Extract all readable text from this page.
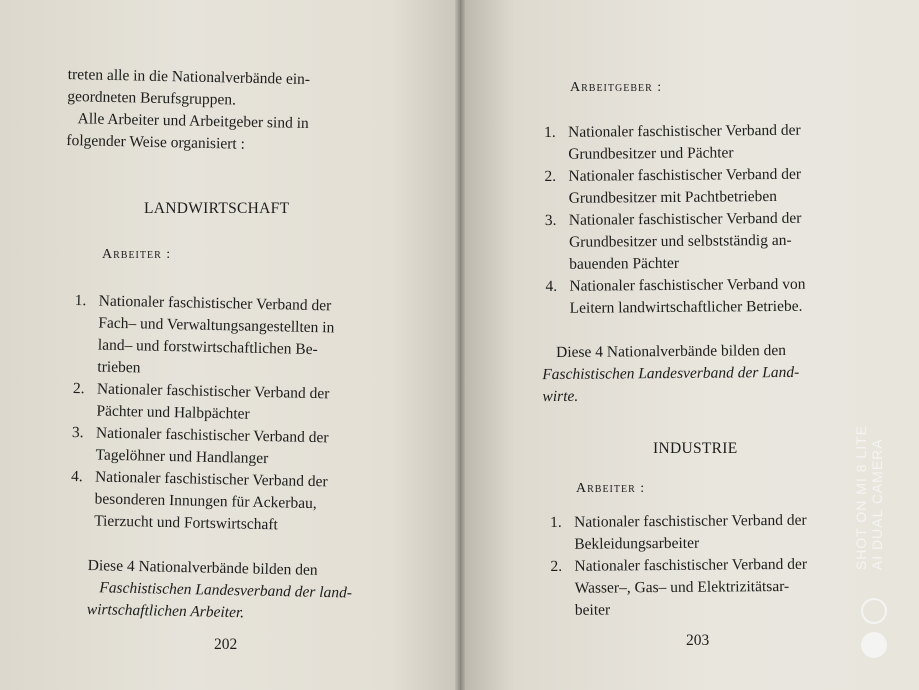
treten alle in die Nationalverbände ein-

geordneten Berufsgruppen.

Alle Arbeiter und Arbeitgeber sind in

folgender Weise organisiert :

LANDWIRTSCHAFT
Arbeiter :
1. Nationaler faschistischer Verband der

Fach– und Verwaltungsangestellten in

land– und forstwirtschaftlichen Be-

trieben

2. Nationaler faschistischer Verband der

Pächter und Halbpächter

3. Nationaler faschistischer Verband der

Tagelöhner und Handlanger

4. Nationaler faschistischer Verband der

besonderen Innungen für Ackerbau,

Tierzucht und Fortswirtschaft

Diese 4 Nationalverbände bilden den

Faschistischen Landesverband der land-

wirtschaftlichen Arbeiter.

202
Arbeitgeber :
1. Nationaler faschistischer Verband der

Grundbesitzer und Pächter

2. Nationaler faschistischer Verband der

Grundbesitzer mit Pachtbetrieben

3. Nationaler faschistischer Verband der

Grundbesitzer und selbstständig an-

bauenden Pächter

4. Nationaler faschistischer Verband von

Leitern landwirtschaftlicher Betriebe.

Diese 4 Nationalverbände bilden den

Faschistischen Landesverband der Land-

wirte.

INDUSTRIE
Arbeiter :
1. Nationaler faschistischer Verband der

Bekleidungsarbeiter

2. Nationaler faschistischer Verband der

Wasser–, Gas– und Elektrizitätsar-

beiter

203
SHOT ON MI 8 LITE AI DUAL CAMERA
